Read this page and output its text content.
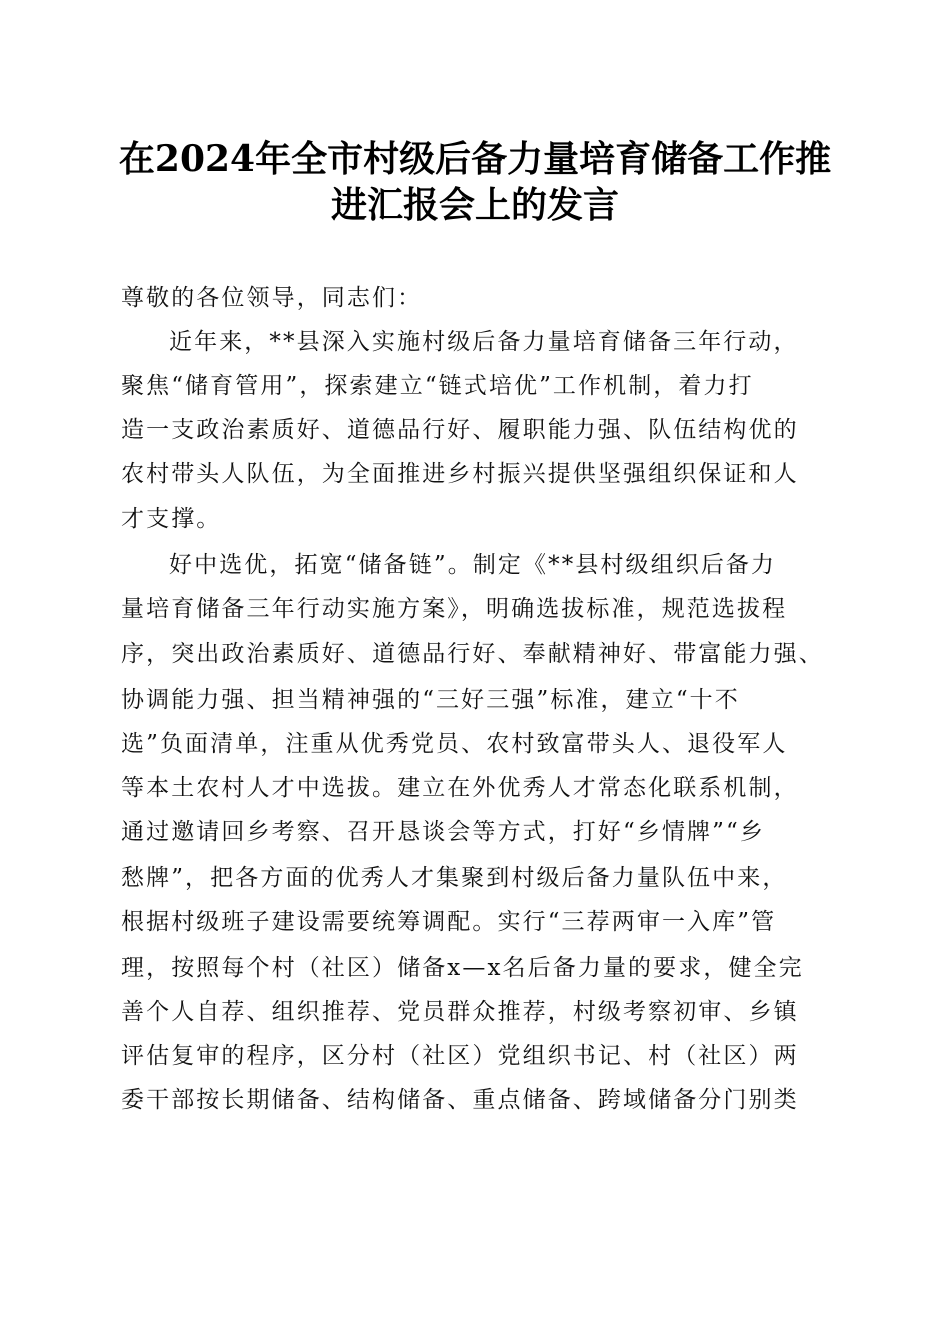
在2024年全市村级后备力量培育储备工作推
进汇报会上的发言
尊敬的各位领导，同志们：
近年来，**县深入实施村级后备力量培育储备三年行动，
聚焦“储育管用”，探索建立“链式培优”工作机制，着力打
造一支政治素质好、道德品行好、履职能力强、队伍结构优的
农村带头人队伍，为全面推进乡村振兴提供坚强组织保证和人
才支撑。
好中选优，拓宽“储备链”。制定《**县村级组织后备力
量培育储备三年行动实施方案》，明确选拔标准，规范选拔程
序，突出政治素质好、道德品行好、奉献精神好、带富能力强、
协调能力强、担当精神强的“三好三强”标准，建立“十不
选”负面清单，注重从优秀党员、农村致富带头人、退役军人
等本土农村人才中选拔。建立在外优秀人才常态化联系机制，
通过邀请回乡考察、召开恳谈会等方式，打好“乡情牌”“乡
愁牌”，把各方面的优秀人才集聚到村级后备力量队伍中来，
根据村级班子建设需要统筹调配。实行“三荐两审一入库”管
理，按照每个村（社区）储备x—x名后备力量的要求，健全完
善个人自荐、组织推荐、党员群众推荐，村级考察初审、乡镇
评估复审的程序，区分村（社区）党组织书记、村（社区）两
委干部按长期储备、结构储备、重点储备、跨域储备分门别类
